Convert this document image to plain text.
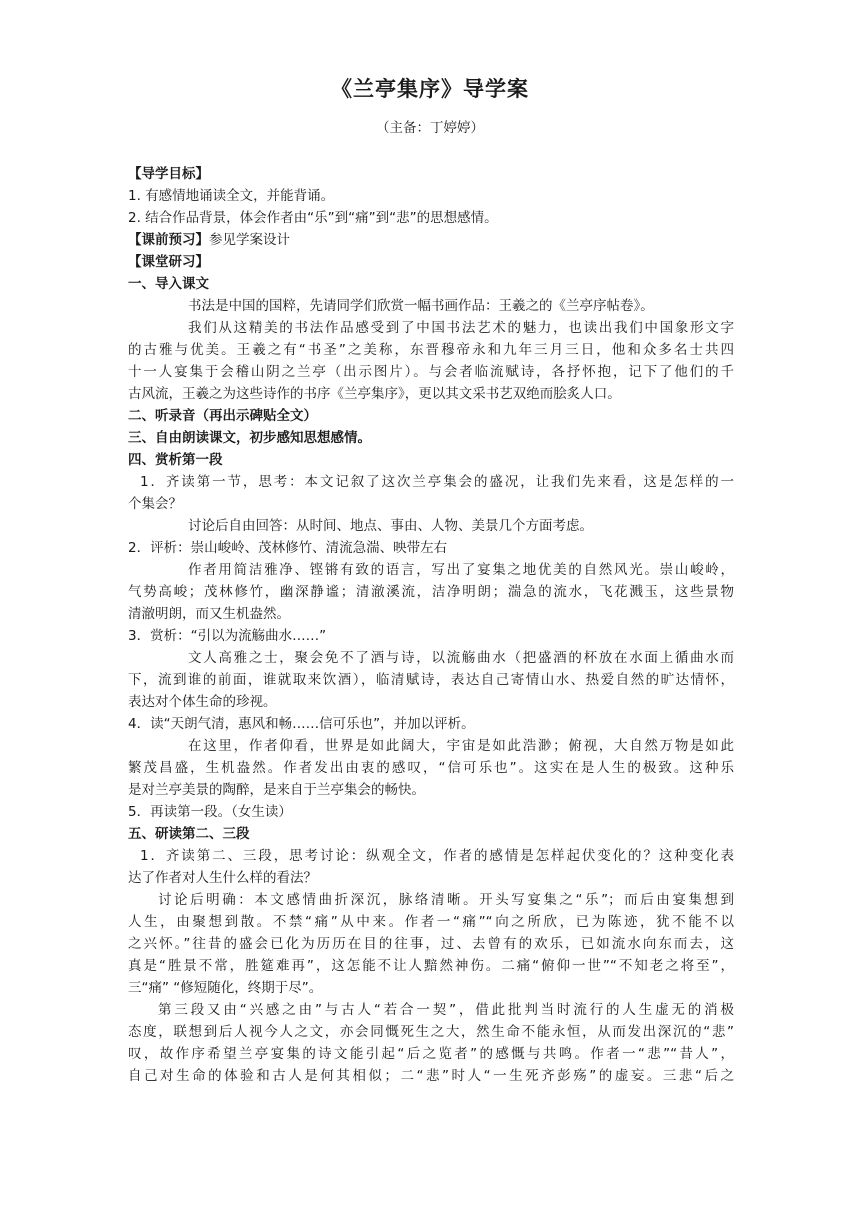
《兰亭集序》导学案
（主备：丁婷婷）
【导学目标】
1. 有感情地诵读全文，并能背诵。
2. 结合作品背景，体会作者由“乐”到“痛”到“悲”的思想感情。
【课前预习】参见学案设计
【课堂研习】
一、导入课文
书法是中国的国粹，先请同学们欣赏一幅书画作品：王羲之的《兰亭序帖卷》。
我们从这精美的书法作品感受到了中国书法艺术的魅力，也读出我们中国象形文字
的古雅与优美。王羲之有“书圣”之美称，东晋穆帝永和九年三月三日，他和众多名士共四
十一人宴集于会稽山阴之兰亭（出示图片）。与会者临流赋诗，各抒怀抱，记下了他们的千
古风流，王羲之为这些诗作的书序《兰亭集序》，更以其文采书艺双绝而脍炙人口。
二、听录音（再出示碑贴全文）
三、自由朗读课文，初步感知思想感情。
四、赏析第一段
1．齐读第一节，思考：本文记叙了这次兰亭集会的盛况，让我们先来看，这是怎样的一
个集会？
讨论后自由回答：从时间、地点、事由、人物、美景几个方面考虑。
2．评析：崇山峻岭、茂林修竹、清流急湍、映带左右
作者用简洁雅净、铿锵有致的语言，写出了宴集之地优美的自然风光。崇山峻岭，
气势高峻；茂林修竹，幽深静谧；清澈溪流，洁净明朗；湍急的流水，飞花溅玉，这些景物
清澈明朗，而又生机盎然。
3．赏析：“引以为流觞曲水……”
文人高雅之士，聚会免不了酒与诗，以流觞曲水（把盛酒的杯放在水面上循曲水而
下，流到谁的前面，谁就取来饮酒），临清赋诗，表达自己寄情山水、热爱自然的旷达情怀，
表达对个体生命的珍视。
4．读“天朗气清，惠风和畅……信可乐也”，并加以评析。
在这里，作者仰看，世界是如此阔大，宇宙是如此浩渺；俯视，大自然万物是如此
繁茂昌盛，生机盎然。作者发出由衷的感叹，“信可乐也”。这实在是人生的极致。这种乐
是对兰亭美景的陶醉，是来自于兰亭集会的畅快。
5．再读第一段。（女生读）
五、研读第二、三段
1．齐读第二、三段，思考讨论：纵观全文，作者的感情是怎样起伏变化的？这种变化表
达了作者对人生什么样的看法？
讨论后明确：本文感情曲折深沉，脉络清晰。开头写宴集之“乐”；而后由宴集想到
人生，由聚想到散。不禁“痛”从中来。作者一“痛”“向之所欣，已为陈迹，犹不能不以
之兴怀。”往昔的盛会已化为历历在目的往事，过、去曾有的欢乐，已如流水向东而去，这
真是“胜景不常，胜筵难再”，这怎能不让人黯然神伤。二痛“俯仰一世”“不知老之将至”，
三“痛” “修短随化，终期于尽”。
第三段又由“兴感之由”与古人“若合一契”，借此批判当时流行的人生虚无的消极
态度，联想到后人视今人之文，亦会同慨死生之大，然生命不能永恒，从而发出深沉的“悲”
叹，故作序希望兰亭宴集的诗文能引起“后之览者”的感慨与共鸣。作者一“悲”“昔人”，
自己对生命的体验和古人是何其相似；二“悲”时人“一生死齐彭殇”的虚妄。三悲“后之
